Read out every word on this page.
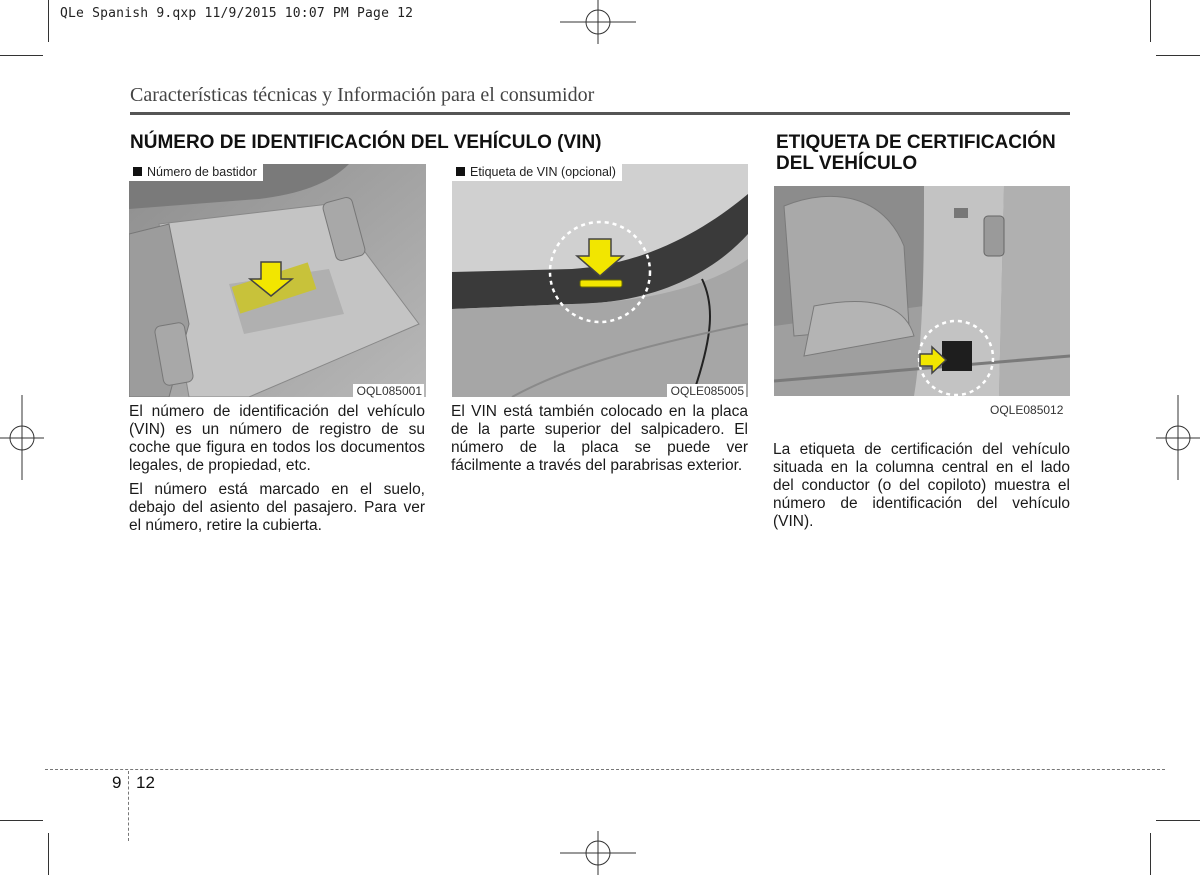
QLe Spanish 9.qxp 11/9/2015 10:07 PM Page 12
Características técnicas y Información para el consumidor
NÚMERO DE IDENTIFICACIÓN DEL VEHÍCULO (VIN)	ETIQUETA DE CERTIFICACIÓN
DEL VEHÍCULO
Número de bastidor
OQL085001
Etiqueta de VIN (opcional)
OQLE085005
OQLE085012

El número de identificación del vehículo (VIN) es un número de registro de su coche que figura en todos los documentos legales, de propiedad, etc.

El número está marcado en el suelo, debajo del asiento del pasajero. Para ver el número, retire la cubierta.

El VIN está también colocado en la placa de la parte superior del salpicadero. El número de la placa se puede ver fácilmente a través del parabrisas exterior.

La etiqueta de certificación del vehículo situada en la columna central en el lado del conductor (o del copiloto) muestra el número de identificación del vehículo (VIN).

9 12
